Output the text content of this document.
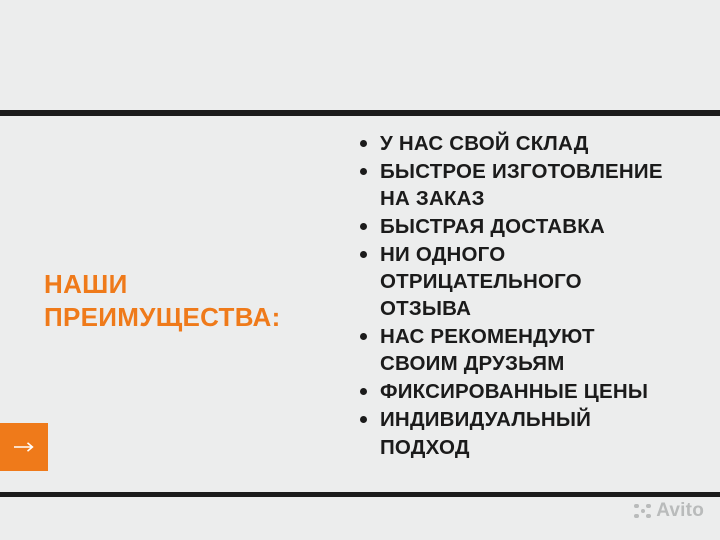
НАШИ
ПРЕИМУЩЕСТВА:
У НАС СВОЙ СКЛАД
БЫСТРОЕ ИЗГОТОВЛЕНИЕ
НА ЗАКАЗ
БЫСТРАЯ ДОСТАВКА
НИ ОДНОГО
ОТРИЦАТЕЛЬНОГО
ОТЗЫВА
НАС РЕКОМЕНДУЮТ
СВОИМ ДРУЗЬЯМ
ФИКСИРОВАННЫЕ ЦЕНЫ
ИНДИВИДУАЛЬНЫЙ
ПОДХОД
Avito
